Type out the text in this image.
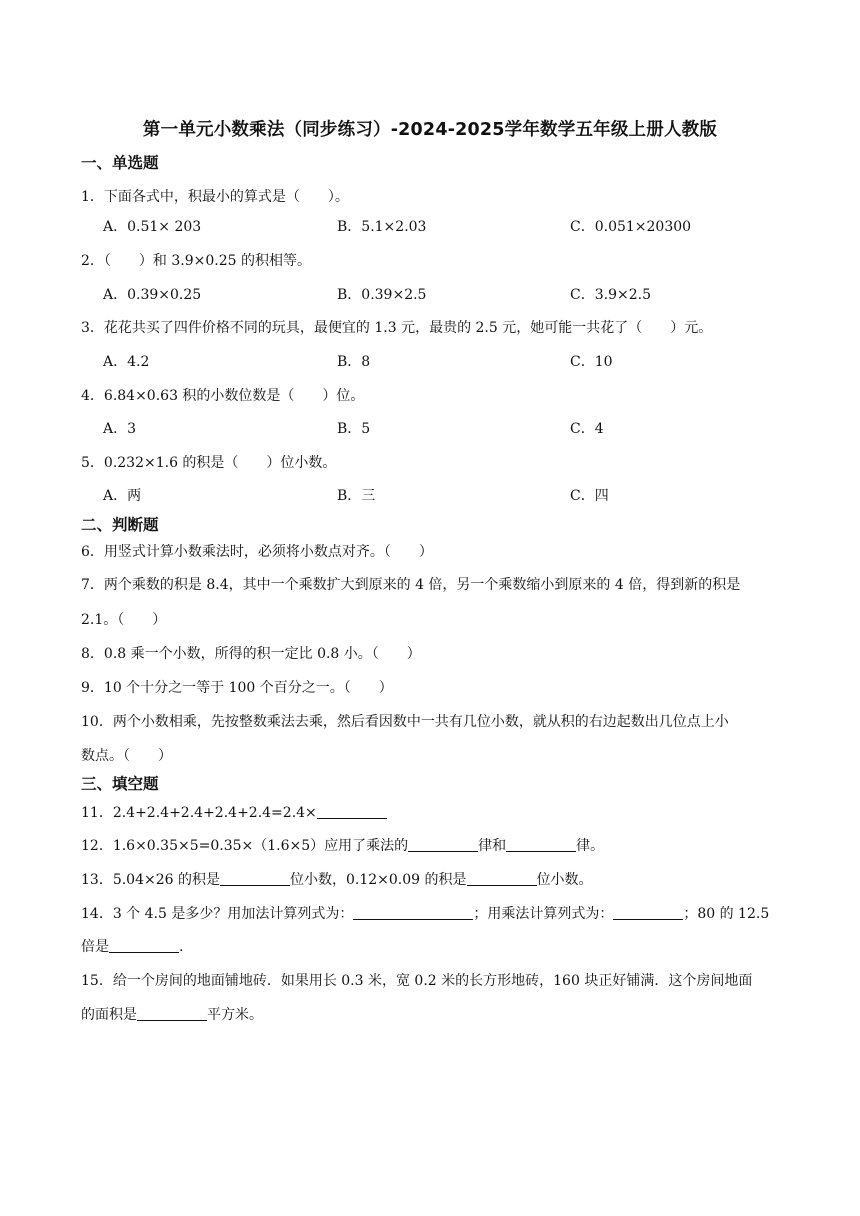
第一单元小数乘法（同步练习）-2024-2025学年数学五年级上册人教版
一、单选题
1．下面各式中，积最小的算式是（　　）。
A．0.51× 203	B．5.1×2.03	C．0.051×20300
2．（　　）和 3.9×0.25 的积相等。
A．0.39×0.25	B．0.39×2.5	C．3.9×2.5
3．花花共买了四件价格不同的玩具，最便宜的 1.3 元，最贵的 2.5 元，她可能一共花了（　　）元。
A．4.2	B．8	C．10
4．6.84×0.63 积的小数位数是（　　）位。
A．3	B．5	C．4
5．0.232×1.6 的积是（　　）位小数。
A．两	B．三	C．四
二、判断题
6．用竖式计算小数乘法时，必须将小数点对齐。（　　）
7．两个乘数的积是 8.4，其中一个乘数扩大到原来的 4 倍，另一个乘数缩小到原来的 4 倍，得到新的积是
2.1。（　　）
8．0.8 乘一个小数，所得的积一定比 0.8 小。（　　）
9．10 个十分之一等于 100 个百分之一。（　　）
10．两个小数相乘，先按整数乘法去乘，然后看因数中一共有几位小数，就从积的右边起数出几位点上小
数点。（　　）
三、填空题
11．2.4+2.4+2.4+2.4+2.4=2.4×
12．1.6×0.35×5=0.35×（1.6×5）应用了乘法的	律和	律。
13．5.04×26 的积是	位小数，0.12×0.09 的积是	位小数。
14．3 个 4.5 是多少？用加法计算列式为：	；用乘法计算列式为：	；80 的 12.5
倍是	.
15．给一个房间的地面铺地砖．如果用长 0.3 米，宽 0.2 米的长方形地砖，160 块正好铺满．这个房间地面
的面积是	平方米。
